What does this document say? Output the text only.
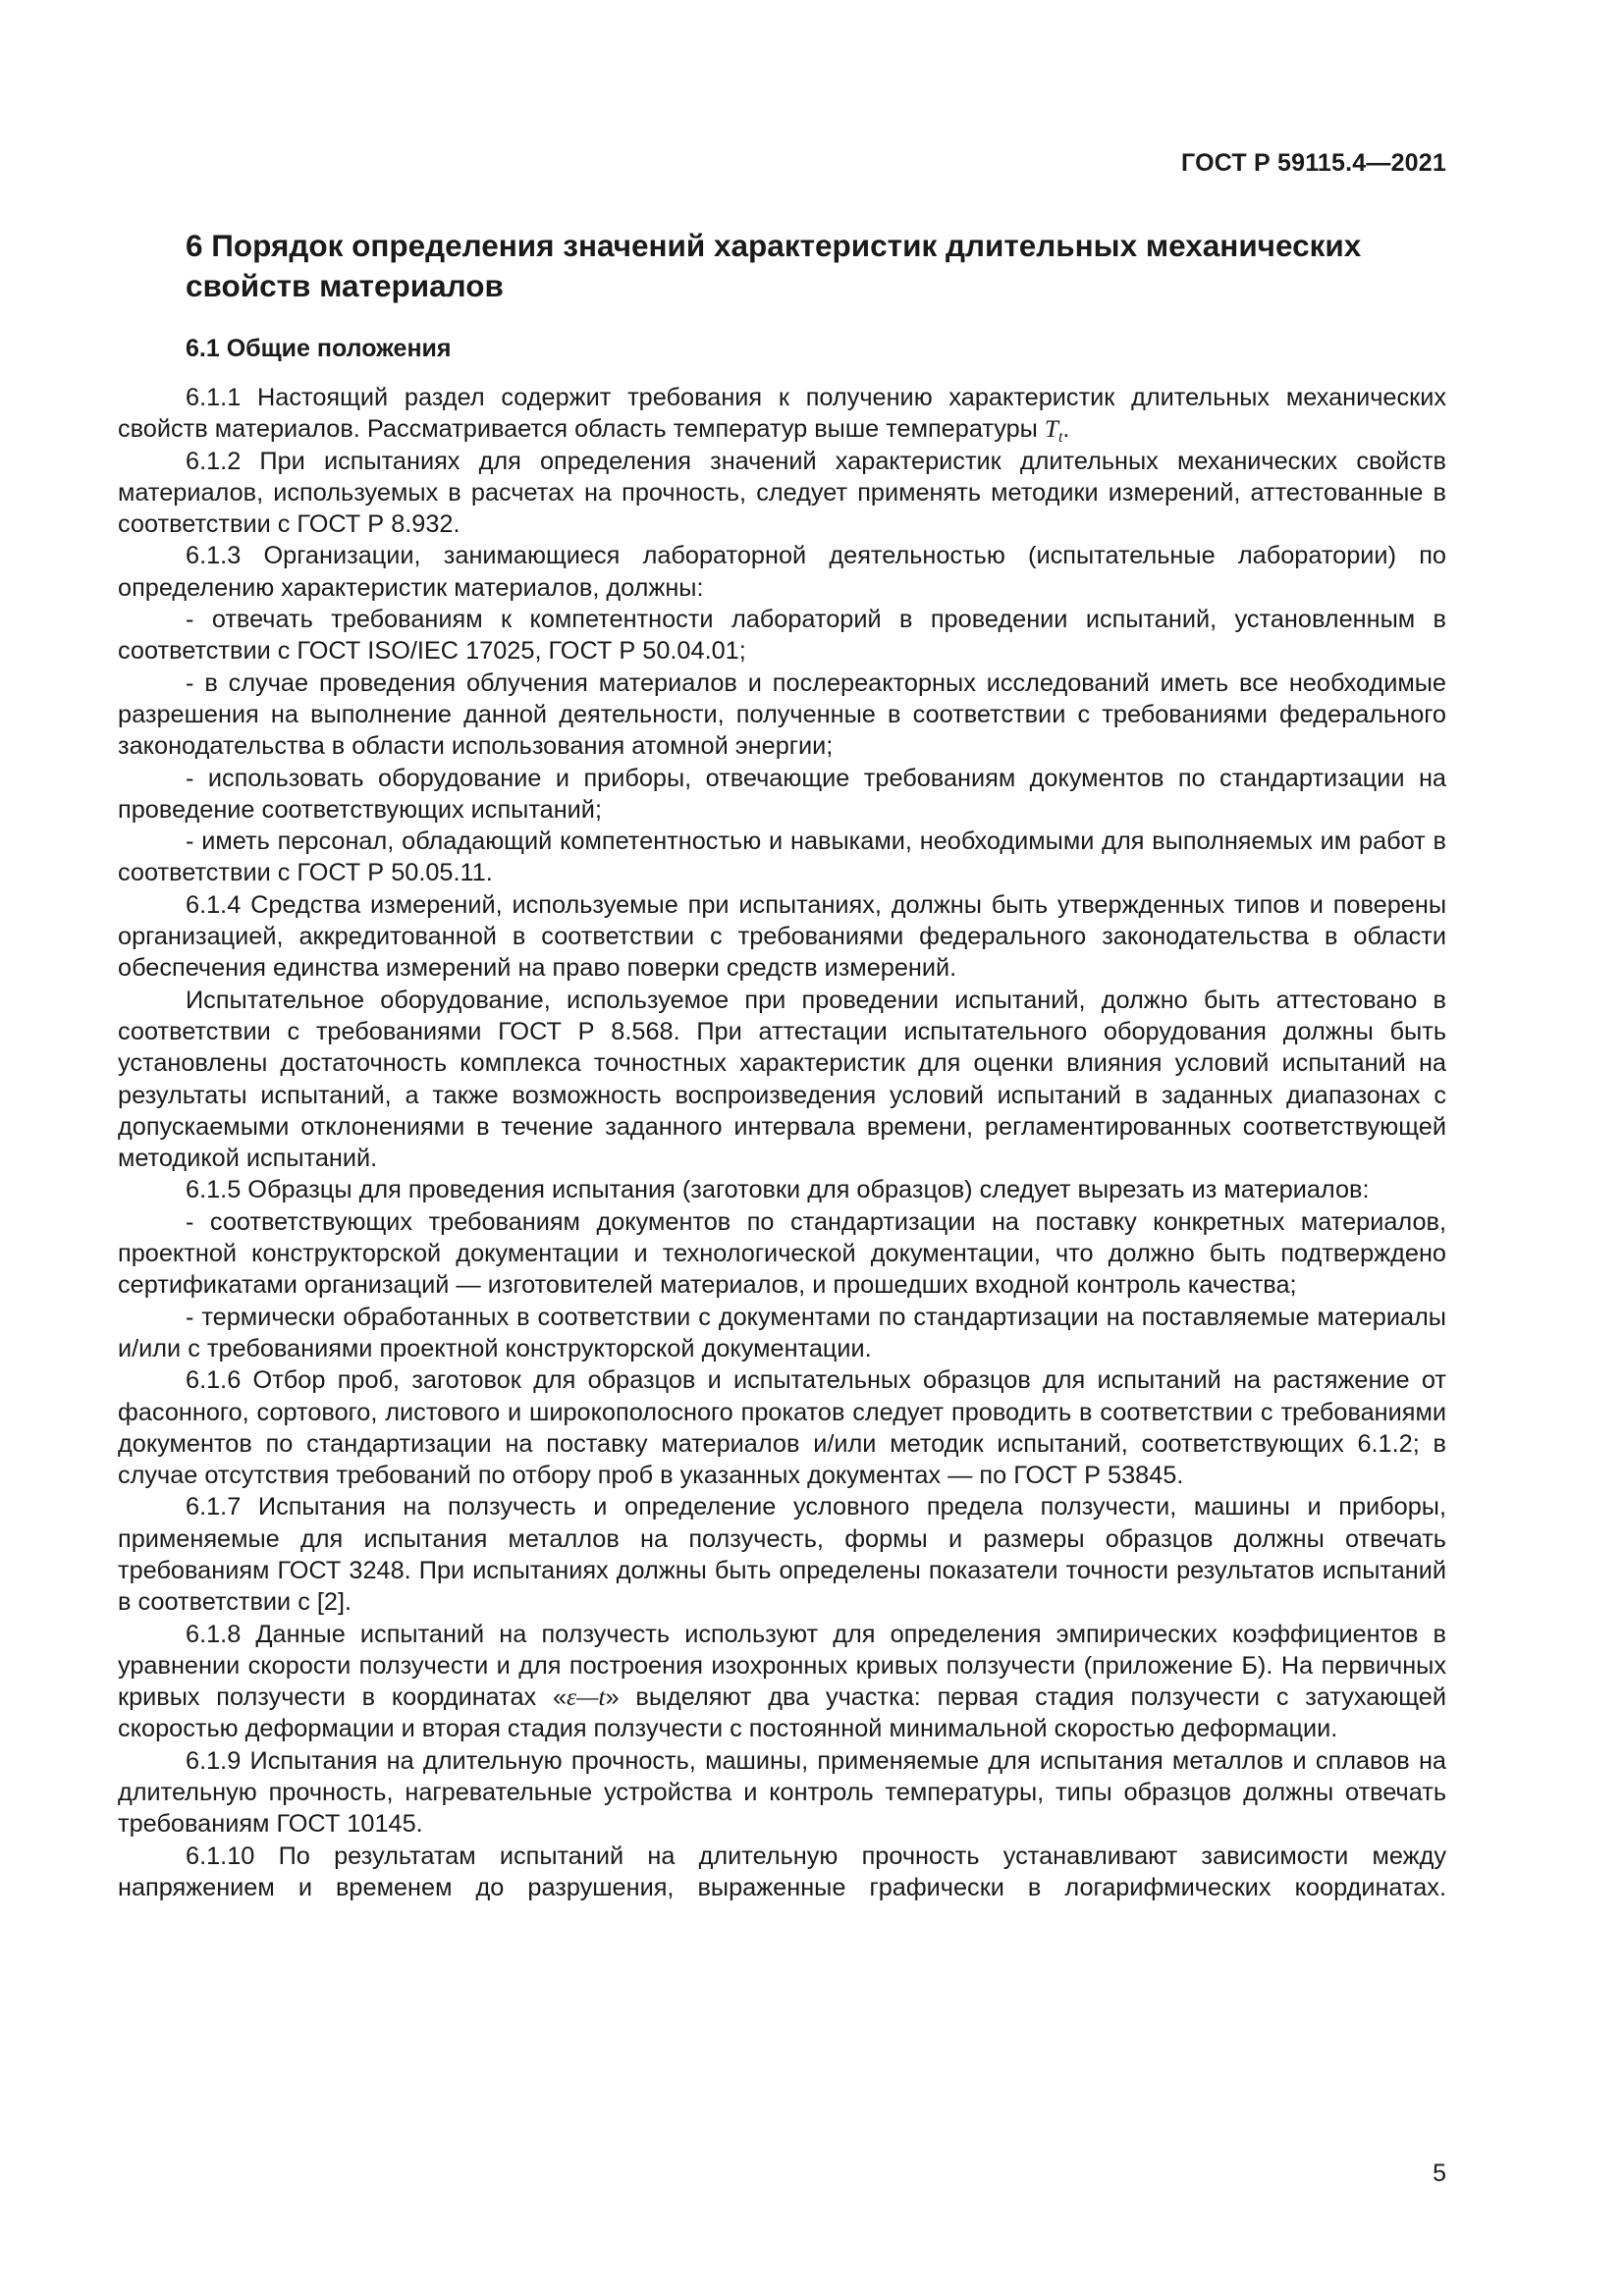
ГОСТ Р 59115.4—2021
6 Порядок определения значений характеристик длительных механических свойств материалов
6.1 Общие положения

6.1.1 Настоящий раздел содержит требования к получению характеристик длительных механических свойств материалов. Рассматривается область температур выше температуры $T_t$.

6.1.2 При испытаниях для определения значений характеристик длительных механических свойств материалов, используемых в расчетах на прочность, следует применять методики измерений, аттестованные в соответствии с ГОСТ Р 8.932.

6.1.3 Организации, занимающиеся лабораторной деятельностью (испытательные лаборатории) по определению характеристик материалов, должны:

- отвечать требованиям к компетентности лабораторий в проведении испытаний, установленным в соответствии с ГОСТ ISO/IEC 17025, ГОСТ Р 50.04.01;

- в случае проведения облучения материалов и послереакторных исследований иметь все необходимые разрешения на выполнение данной деятельности, полученные в соответствии с требованиями федерального законодательства в области использования атомной энергии;

- использовать оборудование и приборы, отвечающие требованиям документов по стандартизации на проведение соответствующих испытаний;

- иметь персонал, обладающий компетентностью и навыками, необходимыми для выполняемых им работ в соответствии с ГОСТ Р 50.05.11.

6.1.4 Средства измерений, используемые при испытаниях, должны быть утвержденных типов и поверены организацией, аккредитованной в соответствии с требованиями федерального законодательства в области обеспечения единства измерений на право поверки средств измерений.

Испытательное оборудование, используемое при проведении испытаний, должно быть аттестовано в соответствии с требованиями ГОСТ Р 8.568. При аттестации испытательного оборудования должны быть установлены достаточность комплекса точностных характеристик для оценки влияния условий испытаний на результаты испытаний, а также возможность воспроизведения условий испытаний в заданных диапазонах с допускаемыми отклонениями в течение заданного интервала времени, регламентированных соответствующей методикой испытаний.

6.1.5 Образцы для проведения испытания (заготовки для образцов) следует вырезать из материалов:

- соответствующих требованиям документов по стандартизации на поставку конкретных материалов, проектной конструкторской документации и технологической документации, что должно быть подтверждено сертификатами организаций — изготовителей материалов, и прошедших входной контроль качества;

- термически обработанных в соответствии с документами по стандартизации на поставляемые материалы и/или с требованиями проектной конструкторской документации.

6.1.6 Отбор проб, заготовок для образцов и испытательных образцов для испытаний на растяжение от фасонного, сортового, листового и широкополосного прокатов следует проводить в соответствии с требованиями документов по стандартизации на поставку материалов и/или методик испытаний, соответствующих 6.1.2; в случае отсутствия требований по отбору проб в указанных документах — по ГОСТ Р 53845.

6.1.7 Испытания на ползучесть и определение условного предела ползучести, машины и приборы, применяемые для испытания металлов на ползучесть, формы и размеры образцов должны отвечать требованиям ГОСТ 3248. При испытаниях должны быть определены показатели точности результатов испытаний в соответствии с [2].

6.1.8 Данные испытаний на ползучесть используют для определения эмпирических коэффициентов в уравнении скорости ползучести и для построения изохронных кривых ползучести (приложение Б). На первичных кривых ползучести в координатах «ε—t» выделяют два участка: первая стадия ползучести с затухающей скоростью деформации и вторая стадия ползучести с постоянной минимальной скоростью деформации.

6.1.9 Испытания на длительную прочность, машины, применяемые для испытания металлов и сплавов на длительную прочность, нагревательные устройства и контроль температуры, типы образцов должны отвечать требованиям ГОСТ 10145.

6.1.10 По результатам испытаний на длительную прочность устанавливают зависимости между напряжением и временем до разрушения, выраженные графически в логарифмических координатах.

5
